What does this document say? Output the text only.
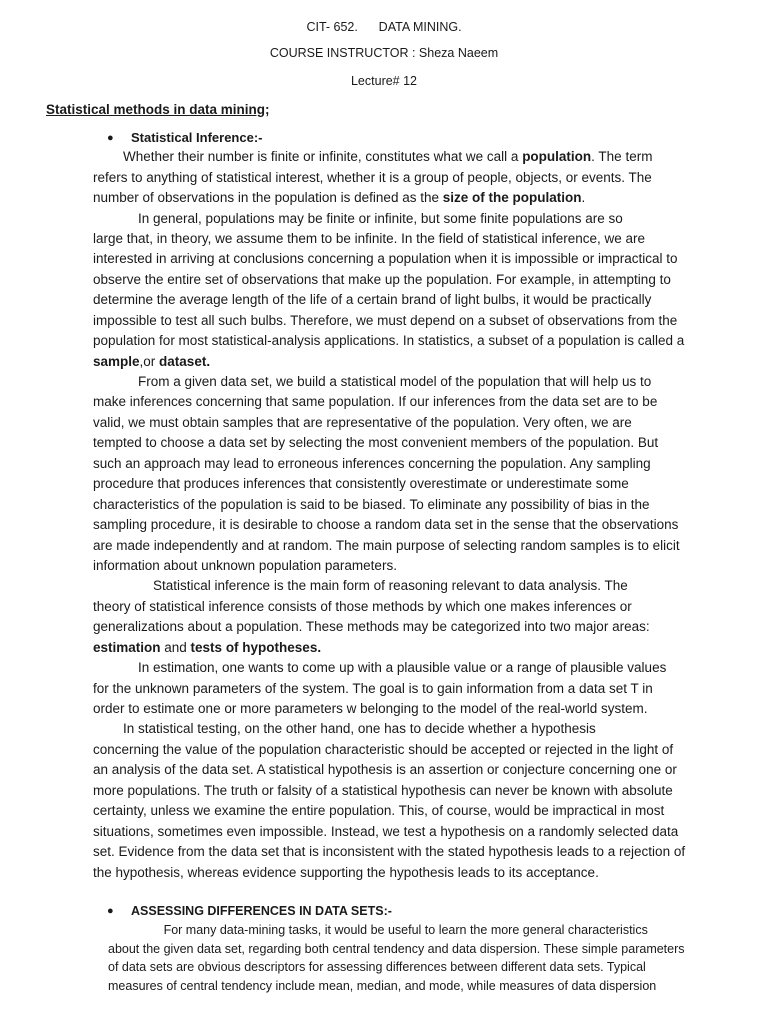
CIT- 652.      DATA MINING.
COURSE INSTRUCTOR : Sheza Naeem
Lecture# 12
Statistical methods in data mining;
● Statistical Inference:-
Whether their number is finite or infinite, constitutes what we call a population. The term
refers to anything of statistical interest, whether it is a group of people, objects, or events. The
number of observations in the population is defined as the size of the population.
In general, populations may be finite or infinite, but some finite populations are so
large that, in theory, we assume them to be infinite. In the field of statistical inference, we are
interested in arriving at conclusions concerning a population when it is impossible or impractical to
observe the entire set of observations that make up the population. For example, in attempting to
determine the average length of the life of a certain brand of light bulbs, it would be practically
impossible to test all such bulbs. Therefore, we must depend on a subset of observations from the
population for most statistical-analysis applications. In statistics, a subset of a population is called a
sample,or dataset.
From a given data set, we build a statistical model of the population that will help us to
make inferences concerning that same population. If our inferences from the data set are to be
valid, we must obtain samples that are representative of the population. Very often, we are
tempted to choose a data set by selecting the most convenient members of the population. But
such an approach may lead to erroneous inferences concerning the population. Any sampling
procedure that produces inferences that consistently overestimate or underestimate some
characteristics of the population is said to be biased. To eliminate any possibility of bias in the
sampling procedure, it is desirable to choose a random data set in the sense that the observations
are made independently and at random. The main purpose of selecting random samples is to elicit
information about unknown population parameters.
Statistical inference is the main form of reasoning relevant to data analysis. The
theory of statistical inference consists of those methods by which one makes inferences or
generalizations about a population. These methods may be categorized into two major areas:
estimation and tests of hypotheses.
In estimation, one wants to come up with a plausible value or a range of plausible values
for the unknown parameters of the system. The goal is to gain information from a data set T in
order to estimate one or more parameters w belonging to the model of the real-world system.
In statistical testing, on the other hand, one has to decide whether a hypothesis
concerning the value of the population characteristic should be accepted or rejected in the light of
an analysis of the data set. A statistical hypothesis is an assertion or conjecture concerning one or
more populations. The truth or falsity of a statistical hypothesis can never be known with absolute
certainty, unless we examine the entire population. This, of course, would be impractical in most
situations, sometimes even impossible. Instead, we test a hypothesis on a randomly selected data
set. Evidence from the data set that is inconsistent with the stated hypothesis leads to a rejection of
the hypothesis, whereas evidence supporting the hypothesis leads to its acceptance.
● ASSESSING DIFFERENCES IN DATA SETS:-
For many data-mining tasks, it would be useful to learn the more general characteristics
about the given data set, regarding both central tendency and data dispersion. These simple parameters
of data sets are obvious descriptors for assessing differences between different data sets. Typical
measures of central tendency include mean, median, and mode, while measures of data dispersion
